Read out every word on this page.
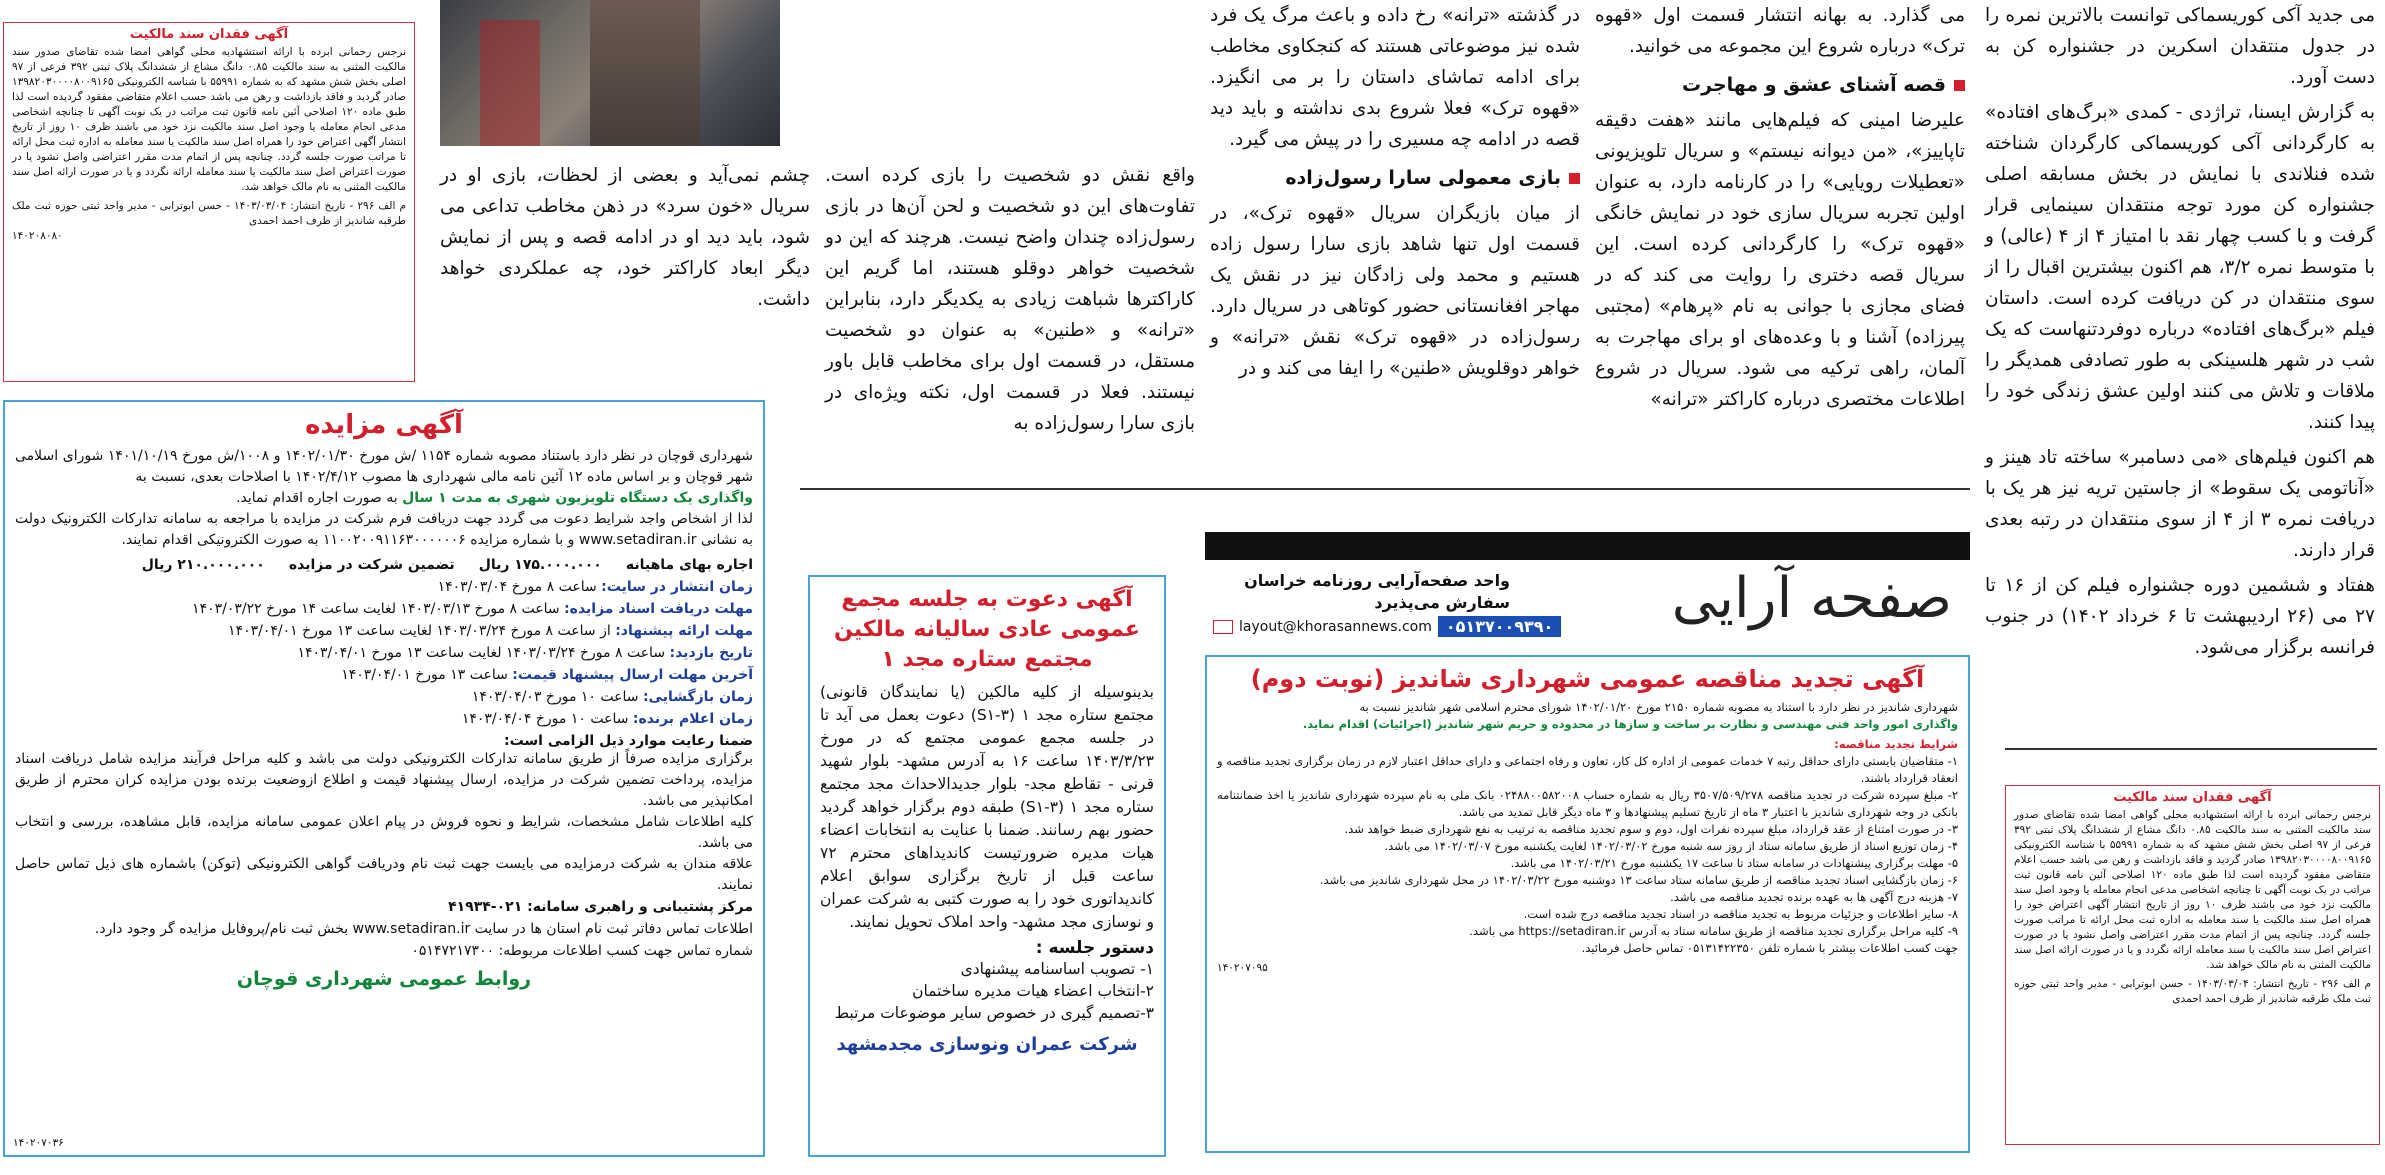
آگهی فقدان سند مالکیت
نرجس رحمانی ابرده با ارائه استشهادیه محلی گواهی امضا شده تقاضای صدور سند مالکیت المثنی به سند مالکیت ۰.۸۵ دانگ مشاع از ششدانگ پلاک ثبتی ۳۹۲ فرعی از ۹۷ اصلی بخش شش مشهد که به شماره ۵۵۹۹۱ با شناسه الکترونیکی ۱۳۹۸۲۰۳۰۰۰۰۸۰۰۹۱۶۵ صادر گردید و فاقد بازداشت و رهن می باشد حسب اعلام متقاضی مفقود گردیده است لذا طبق ماده ۱۲۰ اصلاحی آئین نامه قانون ثبت مراتب در یک نوبت آگهی تا چنانچه اشخاصی مدعی انجام معامله یا وجود اصل سند مالکیت نزد خود می باشند ظرف ۱۰ روز از تاریخ انتشار آگهی اعتراض خود را همراه اصل سند مالکیت یا سند معامله به اداره ثبت محل ارائه تا مراتب صورت جلسه گردد. چنانچه پس از اتمام مدت مقرر اعتراضی واصل نشود یا در صورت اعتراض اصل سند مالکیت یا سند معامله ارائه نگردد و یا در صورت ارائه اصل سند مالکیت المثنی به نام مالک خواهد شد.
م الف ۲۹۶ - تاریخ انتشار: ۱۴۰۳/۰۳/۰۴ - حسن ابوترابی - مدیر واحد ثبتی حوزه ثبت ملک طرقبه شاندیز از طرف احمد احمدی
۱۴۰۲۰۸۰۸۰

می جدید آکی کوریسماکی توانست بالاترین نمره را در جدول منتقدان اسکرین در جشنواره کن به دست آورد.

به گزارش ایسنا، تراژدی - کمدی «برگ‌های افتاده» به کارگردانی آکی کوریسماکی کارگردان شناخته شده فنلاندی با نمایش در بخش مسابقه اصلی جشنواره کن مورد توجه منتقدان سینمایی قرار گرفت و با کسب چهار نقد با امتیاز ۴ از ۴ (عالی) و با متوسط نمره ۳/۲، هم اکنون بیشترین اقبال را از سوی منتقدان در کن دریافت کرده است. داستان فیلم «برگ‌های افتاده» درباره دوفردتنهاست که یک شب در شهر هلسینکی به طور تصادفی همدیگر را ملاقات و تلاش می کنند اولین عشق زندگی خود را پیدا کنند.

هم اکنون فیلم‌های «می دسامبر» ساخته تاد هینز و «آناتومی یک سقوط» از جاستین تریه نیز هر یک با دریافت نمره ۳ از ۴ از سوی منتقدان در رتبه بعدی قرار دارند.

هفتاد و ششمین دوره جشنواره فیلم کن از ۱۶ تا ۲۷ می (۲۶ اردیبهشت تا ۶ خرداد ۱۴۰۲) در جنوب فرانسه برگزار می‌شود.

می گذارد. به بهانه انتشار قسمت اول «قهوه ترک» درباره شروع این مجموعه می خوانید.

قصه آشنای عشق و مهاجرت

علیرضا امینی که فیلم‌هایی مانند «هفت دقیقه تاپاییز»، «من دیوانه نیستم» و سریال تلویزیونی «تعطیلات رویایی» را در کارنامه دارد، به عنوان اولین تجربه سریال سازی خود در نمایش خانگی «قهوه ترک» را کارگردانی کرده است. این سریال قصه دختری را روایت می کند که در فضای مجازی با جوانی به نام «پرهام» (مجتبی پیرزاده) آشنا و با وعده‌های او برای مهاجرت به آلمان، راهی ترکیه می شود. سریال در شروع اطلاعات مختصری درباره کاراکتر «ترانه»

در گذشته «ترانه» رخ داده و باعث مرگ یک فرد شده نیز موضوعاتی هستند که کنجکاوی مخاطب برای ادامه تماشای داستان را بر می انگیزد. «قهوه ترک» فعلا شروع بدی نداشته و باید دید قصه در ادامه چه مسیری را در پیش می گیرد.

بازی معمولی سارا رسول‌زاده

از میان بازیگران سریال «قهوه ترک»، در قسمت اول تنها شاهد بازی سارا رسول زاده هستیم و محمد ولی زادگان نیز در نقش یک مهاجر افغانستانی حضور کوتاهی در سریال دارد. رسول‌زاده در «قهوه ترک» نقش «ترانه» و خواهر دوقلویش «طنین» را ایفا می کند و در

واقع نقش دو شخصیت را بازی کرده است. تفاوت‌های این دو شخصیت و لحن آن‌ها در بازی رسول‌زاده چندان واضح نیست. هرچند که این دو شخصیت خواهر دوقلو هستند، اما گریم این کاراکترها شباهت زیادی به یکدیگر دارد، بنابراین «ترانه» و «طنین» به عنوان دو شخصیت مستقل، در قسمت اول برای مخاطب قابل باور نیستند. فعلا در قسمت اول، نکته ویژه‌ای در بازی سارا رسول‌زاده به

چشم نمی‌آید و بعضی از لحظات، بازی او در سریال «خون سرد» در ذهن مخاطب تداعی می شود، باید دید او در ادامه قصه و پس از نمایش دیگر ابعاد کاراکتر خود، چه عملکردی خواهد داشت.

صفحه آرایی
واحد صفحه‌آرایی روزنامه خراسان
سفارش می‌پذیرد
layout@khorasannews.com ۰۵۱۳۷۰۰۹۳۹۰
آگهی تجدید مناقصه عمومی شهرداری شاندیز (نوبت دوم)
شهرداری شاندیز در نظر دارد با استناد به مصوبه شماره ۲۱۵۰ مورخ ۱۴۰۲/۰۱/۲۰ شورای محترم اسلامی شهر شاندیز نسبت به
واگذاری امور واحد فنی مهندسی و نظارت بر ساخت و سازها در محدوده و حریم شهر شاندیز (اجرائیات) اقدام نماید.
شرایط تجدید مناقصه:
۱- متقاضیان بایستی دارای حداقل رتبه ۷ خدمات عمومی از اداره کل کار، تعاون و رفاه اجتماعی و دارای حداقل اعتبار لازم در زمان برگزاری تجدید مناقصه و انعقاد قرارداد باشند.
۲- مبلغ سپرده شرکت در تجدید مناقصه ۳۵۰۷/۵۰۹/۲۷۸ ریال به شماره حساب ۰۲۴۸۸۰۰۵۸۲۰۰۸ بانک ملی به نام سپرده شهرداری شاندیز یا اخذ ضمانتنامه بانکی در وجه شهرداری شاندیز با اعتبار ۳ ماه از تاریخ تسلیم پیشنهادها و ۳ ماه دیگر قابل تمدید می باشد.
۳- در صورت امتناع از عقد قرارداد، مبلغ سپرده نفرات اول، دوم و سوم تجدید مناقصه به ترتیب به نفع شهرداری ضبط خواهد شد.
۴- زمان توزیع اسناد از طریق سامانه ستاد از روز سه شنبه مورخ ۱۴۰۲/۰۳/۰۲ لغایت یکشنبه مورخ ۱۴۰۲/۰۳/۰۷ می باشد.
۵- مهلت برگزاری پیشنهادات در سامانه ستاد تا ساعت ۱۷ یکشنبه مورخ ۱۴۰۲/۰۳/۲۱ می باشد.
۶- زمان بازگشایی اسناد تجدید مناقصه از طریق سامانه ستاد ساعت ۱۳ دوشنبه مورخ ۱۴۰۲/۰۳/۲۲ در محل شهرداری شاندیز می باشد.
۷- هزینه درج آگهی ها به عهده برنده تجدید مناقصه می باشد.
۸- سایر اطلاعات و جزئیات مربوط به تجدید مناقصه در اسناد تجدید مناقصه درج شده است.
۹- کلیه مراحل برگزاری تجدید مناقصه از طریق سامانه ستاد به آدرس https://setadiran.ir می باشد.
جهت کسب اطلاعات بیشتر با شماره تلفن ۰۵۱۳۱۴۲۲۳۵۰ تماس حاصل فرمائید.
۱۴۰۲۰۷۰۹۵
آگهی دعوت به جلسه مجمع عمومی عادی سالیانه مالکین مجتمع ستاره مجد ۱
بدینوسیله از کلیه مالکین (یا نمایندگان قانونی) مجتمع ستاره مجد ۱ (۳-S۱) دعوت بعمل می آید تا در جلسه مجمع عمومی مجتمع که در مورخ ۱۴۰۳/۳/۲۳ ساعت ۱۶ به آدرس مشهد- بلوار شهید قرنی - تقاطع مجد- بلوار جدیدالاحداث مجد مجتمع ستاره مجد ۱ (۳-S۱) طبقه دوم برگزار خواهد گردید حضور بهم رسانند. ضمنا با عنایت به انتخابات اعضاء هیات مدیره ضرورتیست کاندیداهای محترم ۷۲ ساعت قبل از تاریخ برگزاری سوابق اعلام کاندیداتوری خود را به صورت کتبی به شرکت عمران و نوسازی مجد مشهد- واحد املاک تحویل نمایند.
دستور جلسه :
۱- تصویب اساسنامه پیشنهادی
۲-انتخاب اعضاء هیات مدیره ساختمان
۳-تصمیم گیری در خصوص سایر موضوعات مرتبط
شرکت عمران ونوسازی مجدمشهد
آگهی مزایده
شهرداری قوچان در نظر دارد باستناد مصوبه شماره ۱۱۵۴ /ش مورخ ۱۴۰۲/۰۱/۳۰ و ۱۰۰۸/ش مورخ ۱۴۰۱/۱۰/۱۹ شورای اسلامی شهر قوچان و بر اساس ماده ۱۲ آئین نامه مالی شهرداری ها مصوب ۱۴۰۲/۴/۱۲ با اصلاحات بعدی، نسبت به
واگذاری یک دستگاه تلویزیون شهری به مدت ۱ سال به صورت اجاره اقدام نماید.
لذا از اشخاص واجد شرایط دعوت می گردد جهت دریافت فرم شرکت در مزایده با مراجعه به سامانه تدارکات الکترونیک دولت به نشانی www.setadiran.ir و با شماره مزایده ۱۱۰۰۲۰۰۹۱۱۶۳۰۰۰۰۰۰۶ به صورت الکترونیکی اقدام نمایند.
اجاره بهای ماهیانه
۱۷۵.۰۰۰.۰۰۰ ریال
تضمین شرکت در مزایده
۲۱۰.۰۰۰.۰۰۰ ریال
زمان انتشار در سایت: ساعت ۸ مورخ ۱۴۰۳/۰۳/۰۴
مهلت دریافت اسناد مزایده: ساعت ۸ مورخ ۱۴۰۳/۰۳/۱۳ لغایت ساعت ۱۴ مورخ ۱۴۰۳/۰۳/۲۲
مهلت ارائه پیشنهاد: از ساعت ۸ مورخ ۱۴۰۳/۰۳/۲۴ لغایت ساعت ۱۳ مورخ ۱۴۰۳/۰۴/۰۱
تاریخ بازدید: ساعت ۸ مورخ ۱۴۰۳/۰۳/۲۴ لغایت ساعت ۱۳ مورخ ۱۴۰۳/۰۴/۰۱
آخرین مهلت ارسال پیشنهاد قیمت: ساعت ۱۳ مورخ ۱۴۰۳/۰۴/۰۱
زمان بازگشایی: ساعت ۱۰ مورخ ۱۴۰۳/۰۴/۰۳
زمان اعلام برنده: ساعت ۱۰ مورخ ۱۴۰۳/۰۴/۰۴
ضمنا رعایت موارد ذیل الزامی است:
برگزاری مزایده صرفاً از طریق سامانه تدارکات الکترونیکی دولت می باشد و کلیه مراحل فرآیند مزایده شامل دریافت اسناد مزایده، پرداخت تضمین شرکت در مزایده، ارسال پیشنهاد قیمت و اطلاع ازوضعیت برنده بودن مزایده کران محترم از طریق امکانپذیر می باشد.
کلیه اطلاعات شامل مشخصات، شرایط و نحوه فروش در پیام اعلان عمومی سامانه مزایده، قابل مشاهده، بررسی و انتخاب می باشد.
علاقه مندان به شرکت درمزایده می بایست جهت ثبت نام ودریافت گواهی الکترونیکی (توکن) باشماره های ذیل تماس حاصل نمایند.
مرکز پشتیبانی و راهبری سامانه: ۰۲۱-۴۱۹۳۴
اطلاعات تماس دفاتر ثبت نام استان ها در سایت www.setadiran.ir بخش ثبت نام/پروفایل مزایده گر وجود دارد.
شماره تماس جهت کسب اطلاعات مربوطه: ۰۵۱۴۷۲۱۷۳۰۰
روابط عمومی شهرداری قوچان
۱۴۰۲۰۷۰۳۶
آگهی فقدان سند مالکیت
نرجس رحمانی ابرده با ارائه استشهادیه محلی گواهی امضا شده تقاضای صدور سند مالکیت المثنی به سند مالکیت ۰.۸۵ دانگ مشاع از ششدانگ پلاک ثبتی ۳۹۲ فرعی از ۹۷ اصلی بخش شش مشهد که به شماره ۵۵۹۹۱ با شناسه الکترونیکی ۱۳۹۸۲۰۳۰۰۰۰۸۰۰۹۱۶۵ صادر گردید و فاقد بازداشت و رهن می باشد حسب اعلام متقاضی مفقود گردیده است لذا طبق ماده ۱۲۰ اصلاحی آئین نامه قانون ثبت مراتب در یک نوبت آگهی تا چنانچه اشخاصی مدعی انجام معامله یا وجود اصل سند مالکیت نزد خود می باشند ظرف ۱۰ روز از تاریخ انتشار آگهی اعتراض خود را همراه اصل سند مالکیت یا سند معامله به اداره ثبت محل ارائه تا مراتب صورت جلسه گردد. چنانچه پس از اتمام مدت مقرر اعتراضی واصل نشود یا در صورت اعتراض اصل سند مالکیت یا سند معامله ارائه نگردد و یا در صورت ارائه اصل سند مالکیت المثنی به نام مالک خواهد شد.
م الف ۲۹۶ - تاریخ انتشار: ۱۴۰۳/۰۳/۰۴ - حسن ابوترابی - مدیر واحد ثبتی حوزه ثبت ملک طرقبه شاندیز از طرف احمد احمدی
